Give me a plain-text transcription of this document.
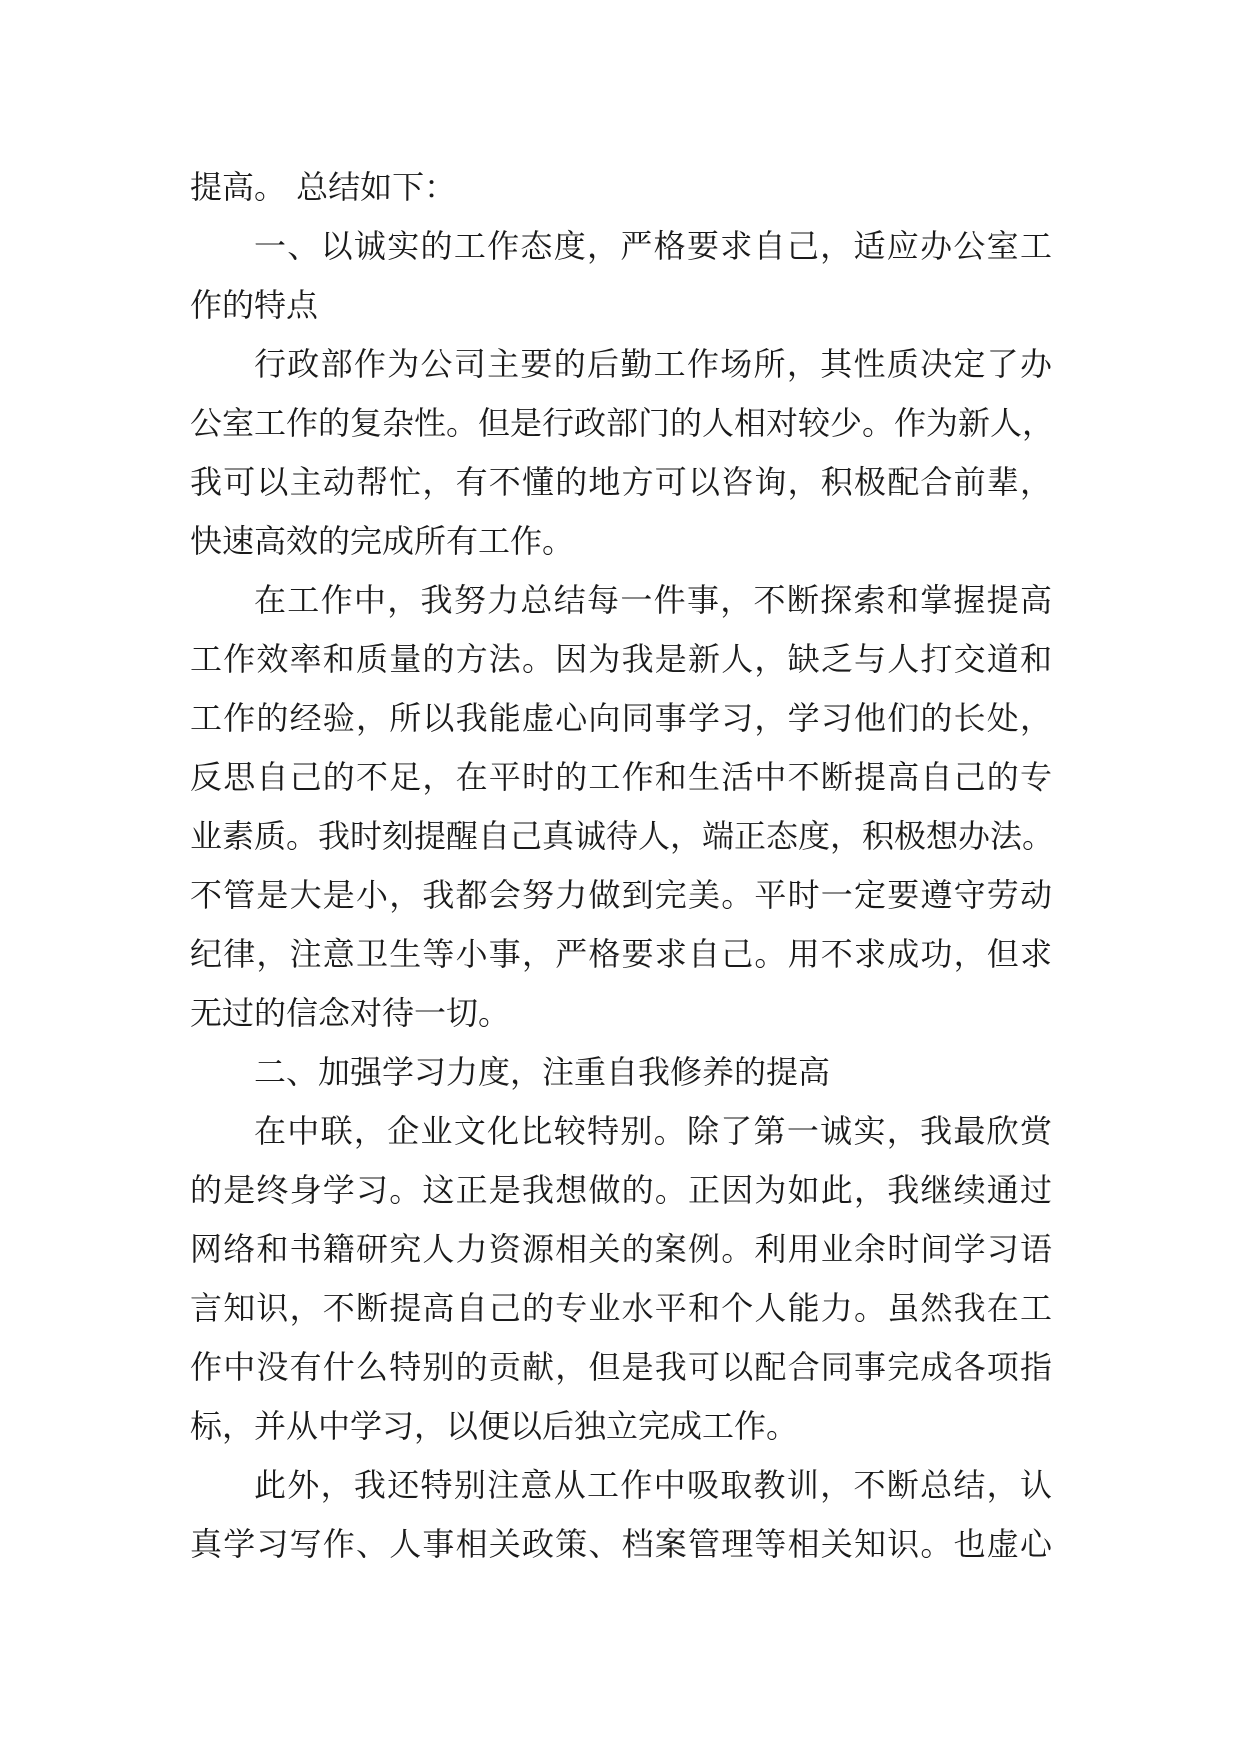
提高。 总结如下：
一、以诚实的工作态度，严格要求自己，适应办公室工
作的特点
行政部作为公司主要的后勤工作场所，其性质决定了办
公室工作的复杂性。但是行政部门的人相对较少。作为新人，
我可以主动帮忙，有不懂的地方可以咨询，积极配合前辈，
快速高效的完成所有工作。
在工作中，我努力总结每一件事，不断探索和掌握提高
工作效率和质量的方法。因为我是新人，缺乏与人打交道和
工作的经验，所以我能虚心向同事学习，学习他们的长处，
反思自己的不足，在平时的工作和生活中不断提高自己的专
业素质。我时刻提醒自己真诚待人，端正态度，积极想办法。
不管是大是小，我都会努力做到完美。平时一定要遵守劳动
纪律，注意卫生等小事，严格要求自己。用不求成功，但求
无过的信念对待一切。
二、加强学习力度，注重自我修养的提高
在中联，企业文化比较特别。除了第一诚实，我最欣赏
的是终身学习。这正是我想做的。正因为如此，我继续通过
网络和书籍研究人力资源相关的案例。利用业余时间学习语
言知识，不断提高自己的专业水平和个人能力。虽然我在工
作中没有什么特别的贡献，但是我可以配合同事完成各项指
标，并从中学习，以便以后独立完成工作。
此外，我还特别注意从工作中吸取教训，不断总结，认
真学习写作、人事相关政策、档案管理等相关知识。也虚心
